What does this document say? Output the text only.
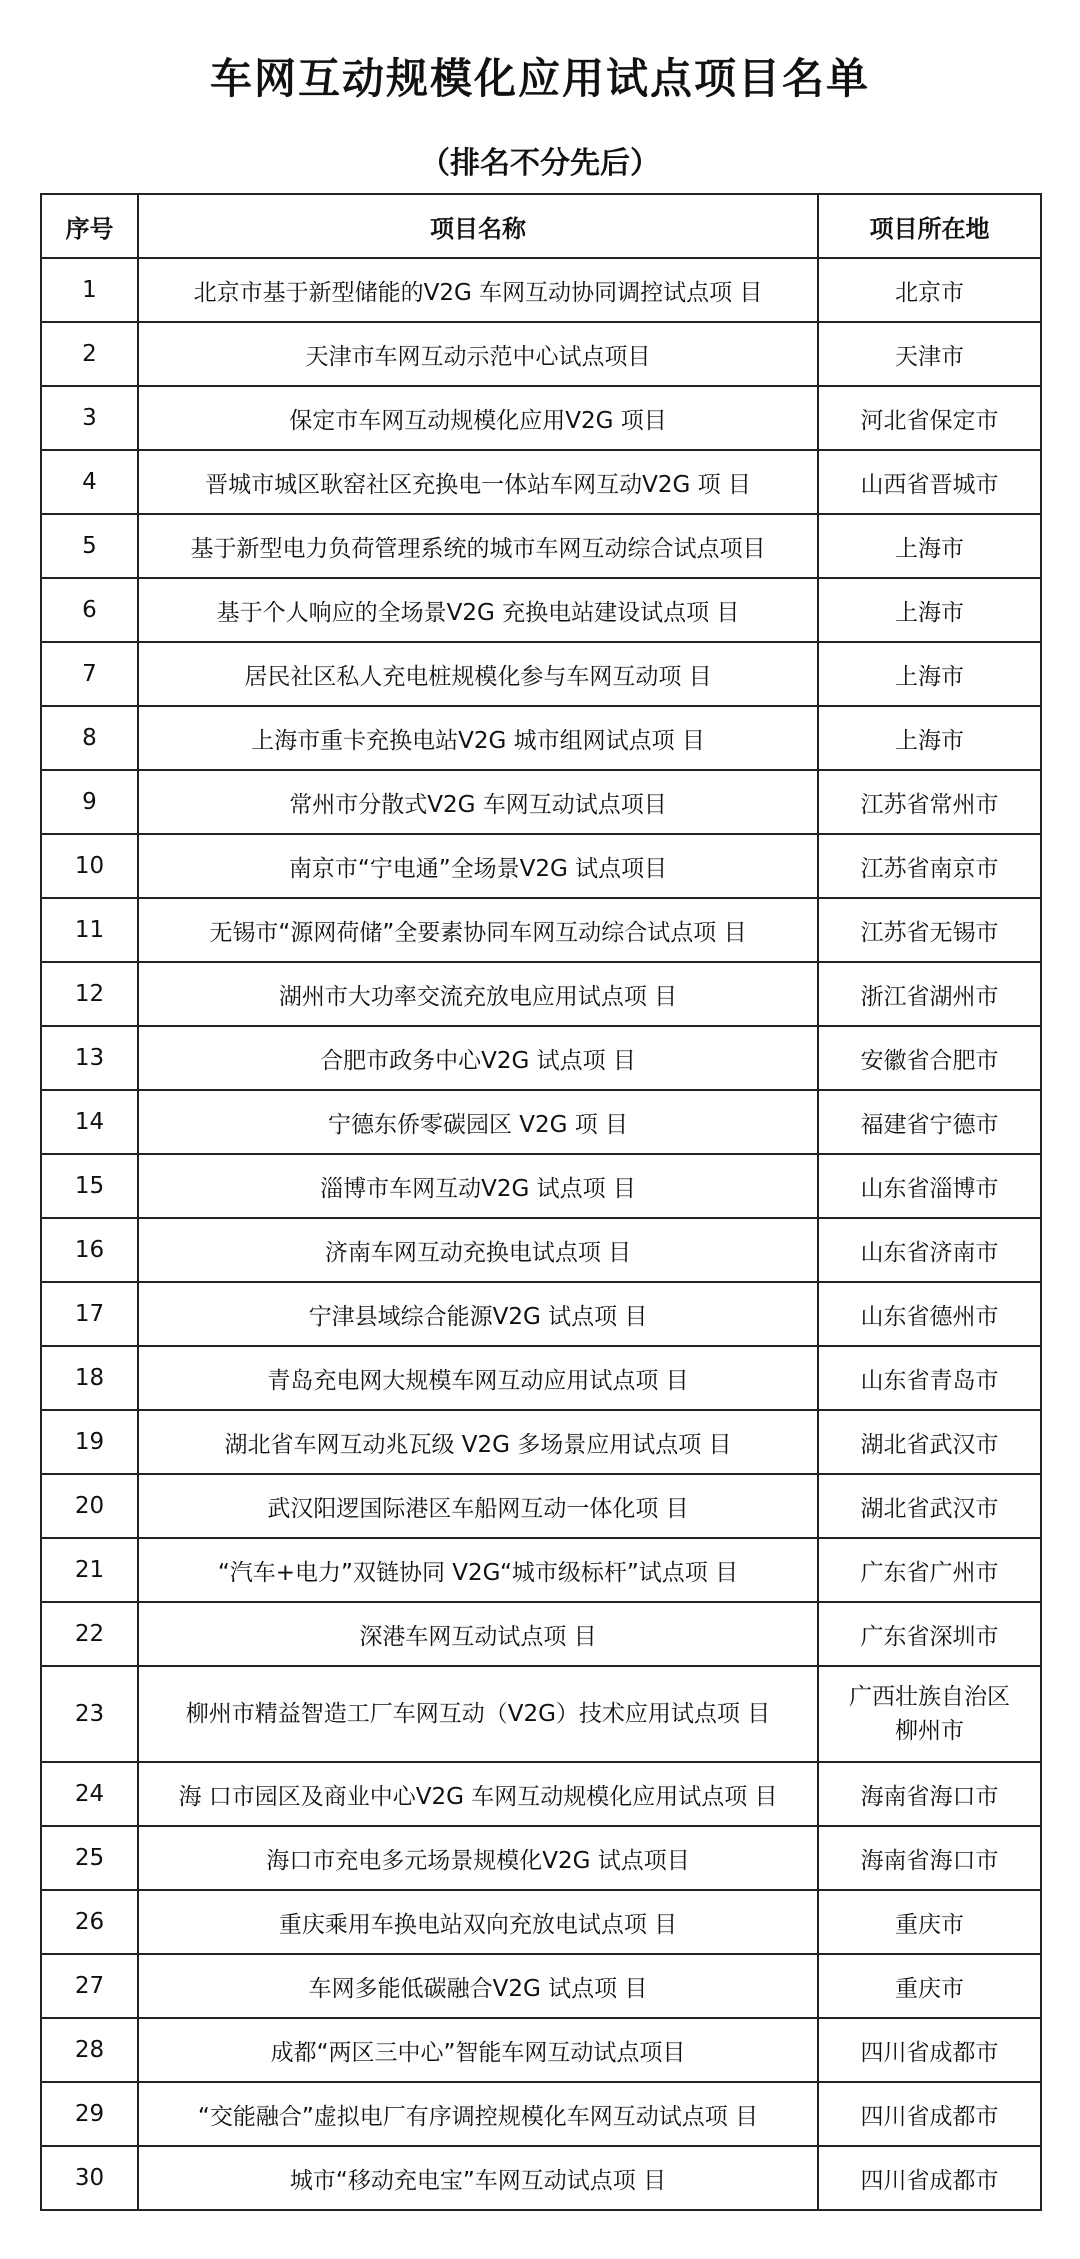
车网互动规模化应用试点项目名单
（排名不分先后）
序号	项目名称	项目所在地
1	北京市基于新型储能的V2G 车网互动协同调控试点项 目	北京市
2	天津市车网互动示范中心试点项目	天津市
3	保定市车网互动规模化应用V2G 项目	河北省保定市
4	晋城市城区耿窑社区充换电一体站车网互动V2G 项 目	山西省晋城市
5	基于新型电力负荷管理系统的城市车网互动综合试点项目	上海市
6	基于个人响应的全场景V2G 充换电站建设试点项 目	上海市
7	居民社区私人充电桩规模化参与车网互动项 目	上海市
8	上海市重卡充换电站V2G 城市组网试点项 目	上海市
9	常州市分散式V2G 车网互动试点项目	江苏省常州市
10	南京市“宁电通”全场景V2G 试点项目	江苏省南京市
11	无锡市“源网荷储”全要素协同车网互动综合试点项 目	江苏省无锡市
12	湖州市大功率交流充放电应用试点项 目	浙江省湖州市
13	合肥市政务中心V2G 试点项 目	安徽省合肥市
14	宁德东侨零碳园区 V2G 项 目	福建省宁德市
15	淄博市车网互动V2G 试点项 目	山东省淄博市
16	济南车网互动充换电试点项 目	山东省济南市
17	宁津县域综合能源V2G 试点项 目	山东省德州市
18	青岛充电网大规模车网互动应用试点项 目	山东省青岛市
19	湖北省车网互动兆瓦级 V2G 多场景应用试点项 目	湖北省武汉市
20	武汉阳逻国际港区车船网互动一体化项 目	湖北省武汉市
21	“汽车+电力”双链协同 V2G“城市级标杆”试点项 目	广东省广州市
22	深港车网互动试点项 目	广东省深圳市
23	柳州市精益智造工厂车网互动（V2G）技术应用试点项 目	广西壮族自治区
柳州市
24	海 口市园区及商业中心V2G 车网互动规模化应用试点项 目	海南省海口市
25	海口市充电多元场景规模化V2G 试点项目	海南省海口市
26	重庆乘用车换电站双向充放电试点项 目	重庆市
27	车网多能低碳融合V2G 试点项 目	重庆市
28	成都“两区三中心”智能车网互动试点项目	四川省成都市
29	“交能融合”虚拟电厂有序调控规模化车网互动试点项 目	四川省成都市
30	城市“移动充电宝”车网互动试点项 目	四川省成都市
